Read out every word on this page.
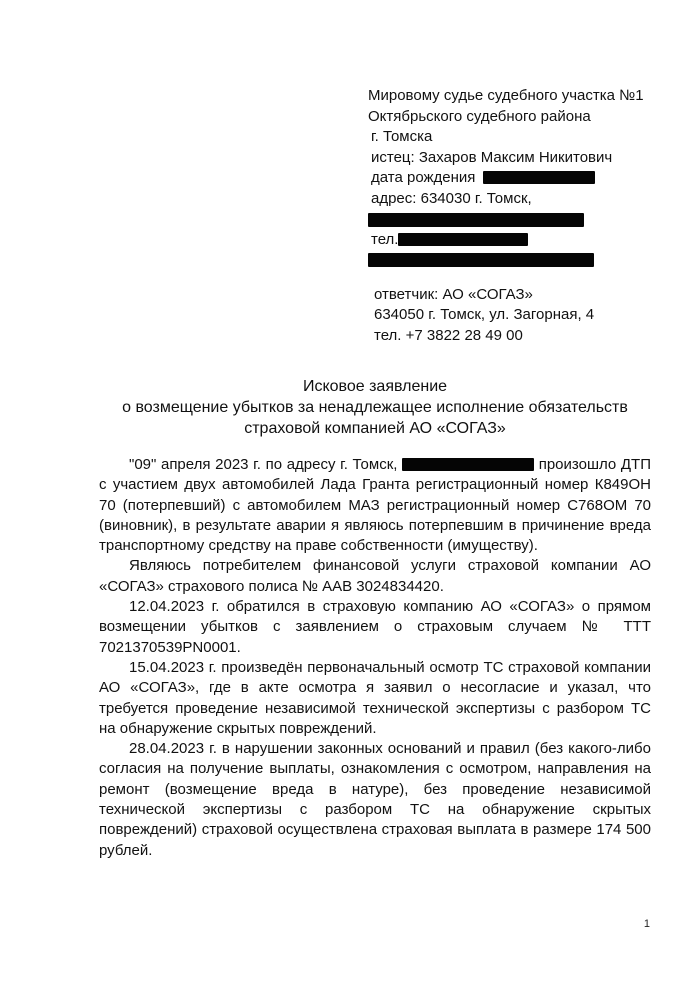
Мировому судье судебного участка №1
Октябрьского судебного района
г. Томска
истец: Захаров Максим Никитович
дата рождения
адрес: 634030 г. Томск,
тел.
ответчик: АО «СОГАЗ»
634050 г. Томск, ул. Загорная, 4
тел. +7 3822 28 49 00
Исковое заявление
о возмещение убытков за ненадлежащее исполнение обязательств
страховой компанией АО «СОГАЗ»

"09" апреля 2023 г. по адресу г. Томск,	произошло ДТП с участием двух автомобилей Лада Гранта регистрационный номер К849ОН 70 (потерпевший) с автомобилем МАЗ регистрационный номер С768ОМ 70 (виновник), в результате аварии я являюсь потерпевшим в причинение вреда транспортному средству на праве собственности (имуществу).

Являюсь потребителем финансовой услуги страховой компании АО «СОГАЗ» страхового полиса № ААВ 3024834420.

12.04.2023 г. обратился в страховую компанию АО «СОГАЗ» о прямом возмещении убытков с заявлением о страховым случаем № ТТТ 7021370539PN0001.

15.04.2023 г. произведён первоначальный осмотр ТС страховой компании АО «СОГАЗ», где в акте осмотра я заявил о несогласие и указал, что требуется проведение независимой технической экспертизы с разбором ТС на обнаружение скрытых повреждений.

28.04.2023 г. в нарушении законных оснований и правил (без какого-либо согласия на получение выплаты, ознакомления с осмотром, направления на ремонт (возмещение вреда в натуре), без проведение независимой технической экспертизы с разбором ТС на обнаружение скрытых повреждений) страховой осуществлена страховая выплата в размере 174 500 рублей.

1
